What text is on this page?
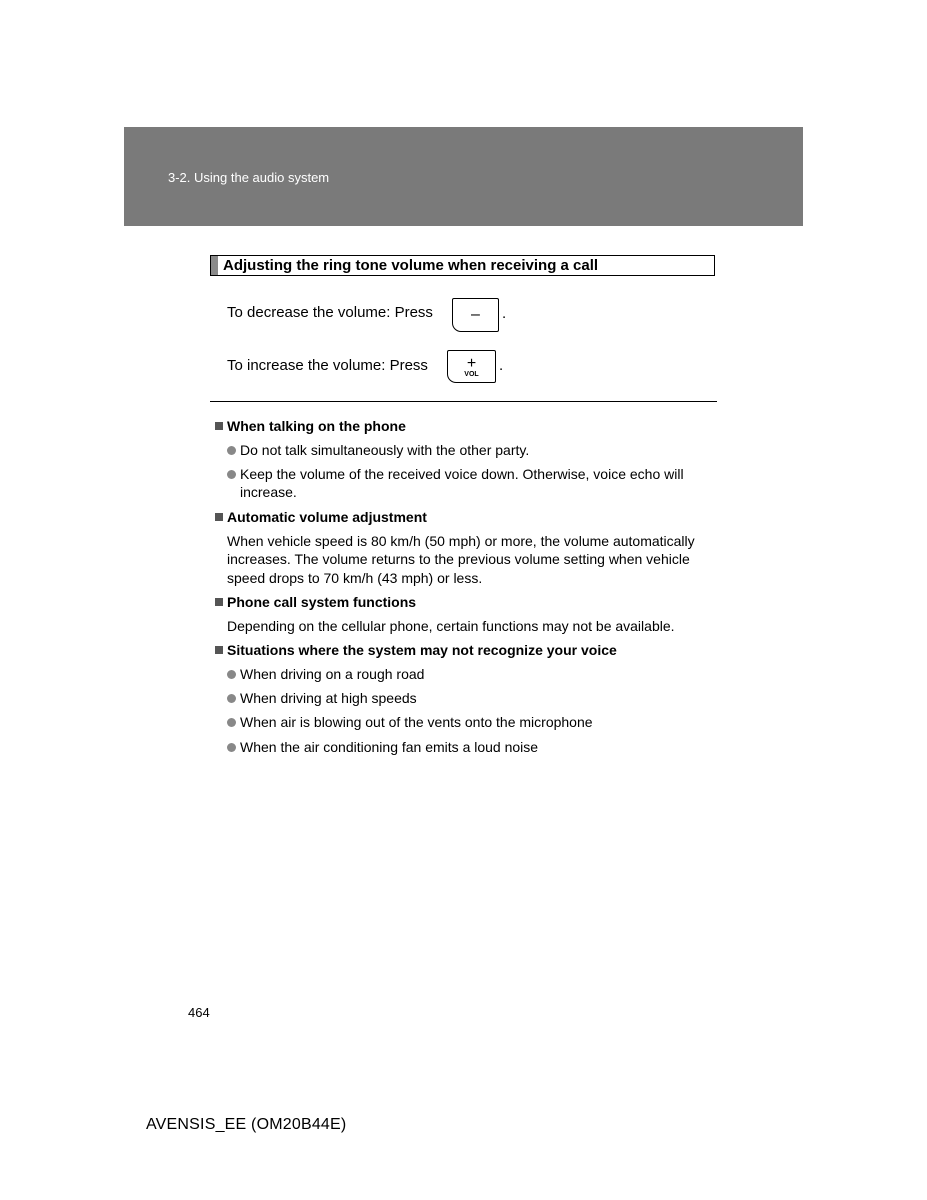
3-2. Using the audio system
Adjusting the ring tone volume when receiving a call
To decrease the volume: Press	–	.
To increase the volume: Press	+
VOL
.
When talking on the phone
Do not talk simultaneously with the other party.
Keep the volume of the received voice down. Otherwise, voice echo will increase.
Automatic volume adjustment
When vehicle speed is 80 km/h (50 mph) or more, the volume automatically increases. The volume returns to the previous volume setting when vehicle speed drops to 70 km/h (43 mph) or less.
Phone call system functions
Depending on the cellular phone, certain functions may not be available.
Situations where the system may not recognize your voice
When driving on a rough road
When driving at high speeds
When air is blowing out of the vents onto the microphone
When the air conditioning fan emits a loud noise
464
AVENSIS_EE (OM20B44E)
